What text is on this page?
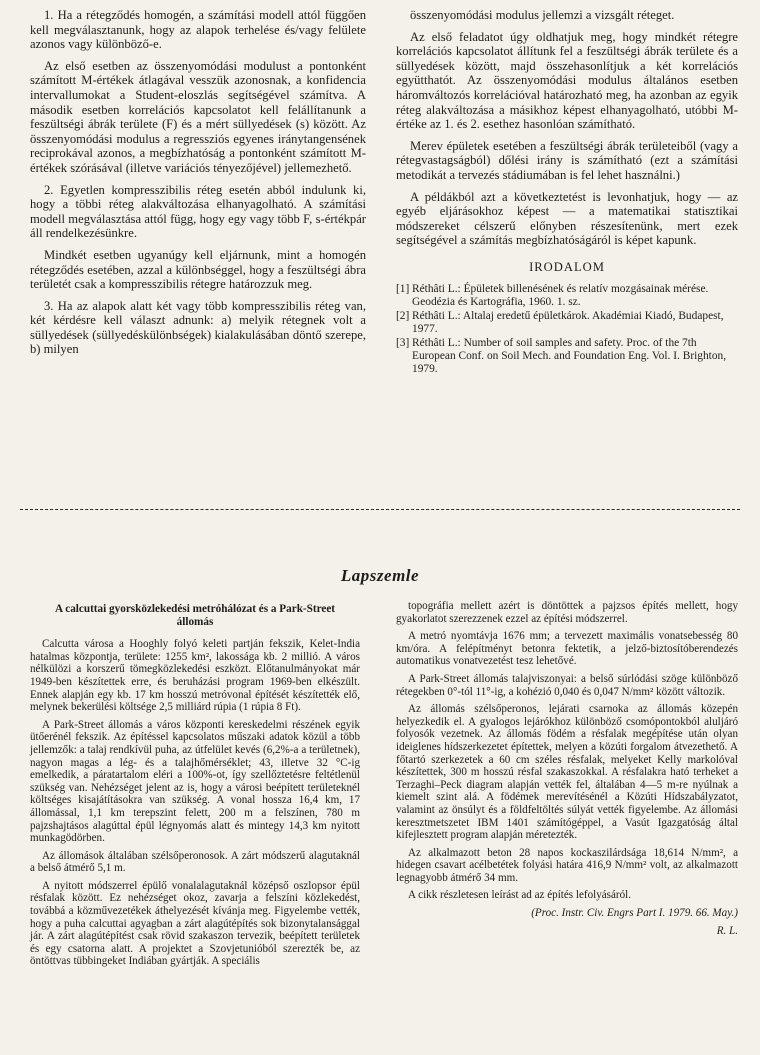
1. Ha a rétegződés homogén, a számítási modell attól függően kell megválasztanunk, hogy az alapok terhelése és/vagy felülete azonos vagy különböző-e.

Az első esetben az összenyomódási modulust a pontonként számított M-értékek átlagával vesszük azonosnak, a konfidencia intervallumokat a Student-eloszlás segítségével számítva. A második esetben korrelációs kapcsolatot kell felállítanunk a feszültségi ábrák területe (F) és a mért süllyedések (s) között. Az összenyomódási modulus a regressziós egyenes iránytangensének reciprokával azonos, a megbízhatóság a pontonként számított M-értékek szórásával (illetve variációs tényezőjével) jellemezhető.

2. Egyetlen kompresszibilis réteg esetén abból indulunk ki, hogy a többi réteg alakváltozása elhanyagolható. A számítási modell megválasztása attól függ, hogy egy vagy több F, s-értékpár áll rendelkezésünkre.

Mindkét esetben ugyanúgy kell eljárnunk, mint a homogén rétegződés esetében, azzal a különbséggel, hogy a feszültségi ábra területét csak a kompresszibilis rétegre határozzuk meg.

3. Ha az alapok alatt két vagy több kompresszibilis réteg van, két kérdésre kell választ adnunk: a) melyik rétegnek volt a süllyedések (süllyedéskülönbségek) kialakulásában döntő szerepe, b) milyen

összenyomódási modulus jellemzi a vizsgált réteget.

Az első feladatot úgy oldhatjuk meg, hogy mindkét rétegre korrelációs kapcsolatot állítunk fel a feszültségi ábrák területe és a süllyedések között, majd összehasonlítjuk a két korrelációs együtthatót. Az összenyomódási modulus általános esetben háromváltozós korrelációval határozható meg, ha azonban az egyik réteg alakváltozása a másikhoz képest elhanyagolható, utóbbi M-értéke az 1. és 2. esethez hasonlóan számítható.

Merev épületek esetében a feszültségi ábrák területeiből (vagy a rétegvastagságból) dőlési irány is számítható (ezt a számítási metodikát a tervezés stádiumában is fel lehet használni.)

A példákból azt a következtetést is levonhatjuk, hogy — az egyéb eljárásokhoz képest — a matematikai statisztikai módszereket célszerű előnyben részesítenünk, mert ezek segítségével a számítás megbízhatóságáról is képet kapunk.

IRODALOM
[1] Réthâti L.: Épületek billenésének és relatív mozgásainak mérése. Geodézia és Kartográfia, 1960. 1. sz.
[2] Réthâti L.: Altalaj eredetű épületkárok. Akadémiai Kiadó, Budapest, 1977.
[3] Réthâti L.: Number of soil samples and safety. Proc. of the 7th European Conf. on Soil Mech. and Foundation Eng. Vol. I. Brighton, 1979.
Lapszemle
A calcuttai gyorsközlekedési metróhálózat és a Park-Street állomás

Calcutta városa a Hooghly folyó keleti partján fekszik, Kelet-India hatalmas központja, területe: 1255 km², lakossága kb. 2 millió. A város nélkülözi a korszerű tömegközlekedési eszközt. Előtanulmányokat már 1949-ben készítettek erre, és beruházási program 1969-ben elkészült. Ennek alapján egy kb. 17 km hosszú metróvonal építését készítették elő, melynek bekerülési költsége 2,5 milliárd rúpia (1 rúpia 8 Ft).

A Park-Street állomás a város központi kereskedelmi részének egyik ütőerénél fekszik. Az építéssel kapcsolatos műszaki adatok közül a több jellemzők: a talaj rendkívül puha, az útfelület kevés (6,2%-a a területnek), nagyon magas a lég- és a talajhőmérséklet; 43, illetve 32 °C-ig emelkedik, a páratartalom eléri a 100%-ot, így szellőztetésre feltétlenül szükség van. Nehézséget jelent az is, hogy a városi beépített területeknél költséges kisajátításokra van szükség. A vonal hossza 16,4 km, 17 állomással, 1,1 km terepszint felett, 200 m a felszínen, 780 m pajzshajtásos alagúttal épül légnyomás alatt és mintegy 14,3 km nyitott munkagödörben.

Az állomások általában szélsőperonosok. A zárt módszerű alagutaknál a belső átmérő 5,1 m.

A nyitott módszerrel épülő vonalalagutaknál középső oszlopsor épül résfalak között. Ez nehézséget okoz, zavarja a felszíni közlekedést, továbbá a közművezetékek áthelyezését kívánja meg. Figyelembe vették, hogy a puha calcuttai agyagban a zárt alagútépítés sok bizonytalansággal jár. A zárt alagútépítést csak rövid szakaszon tervezik, beépített területek és egy csatorna alatt. A projektet a Szovjetunióból szerezték be, az öntöttvas tübbingeket Indiában gyártják. A speciális

topográfia mellett azért is döntöttek a pajzsos építés mellett, hogy gyakorlatot szerezzenek ezzel az építési módszerrel.

A metró nyomtávja 1676 mm; a tervezett maximális vonatsebesség 80 km/óra. A felépítményt betonra fektetik, a jelző-biztosítóberendezés automatikus vonatvezetést tesz lehetővé.

A Park-Street állomás talajviszonyai: a belső súrlódási szöge különböző rétegekben 0°-tól 11°-ig, a kohézió 0,040 és 0,047 N/mm² között változik.

Az állomás szélsőperonos, lejárati csarnoka az állomás közepén helyezkedik el. A gyalogos lejárókhoz különböző csomópontokból aluljáró folyosók vezetnek. Az állomás födém a résfalak megépítése után olyan ideiglenes hídszerkezetet építettek, melyen a közúti forgalom átvezethető. A főtartó szerkezetek a 60 cm széles résfalak, melyeket Kelly markolóval készítettek, 300 m hosszú résfal szakaszokkal. A résfalakra ható terheket a Terzaghi–Peck diagram alapján vették fel, általában 4—5 m-re nyúlnak a kiemelt szint alá. A födémek merevítésénél a Közúti Hídszabályzatot, valamint az önsúlyt és a földfeltöltés súlyát vették figyelembe. Az állomási keresztmetszetet IBM 1401 számítógéppel, a Vasút Igazgatóság által kifejlesztett program alapján méretezték.

Az alkalmazott beton 28 napos kockaszilárdsága 18,614 N/mm², a hidegen csavart acélbetétek folyási határa 416,9 N/mm² volt, az alkalmazott legnagyobb átmérő 34 mm.

A cikk részletesen leírást ad az építés lefolyásáról.

(Proc. Instr. Civ. Engrs Part I. 1979. 66. May.)

R. L.
